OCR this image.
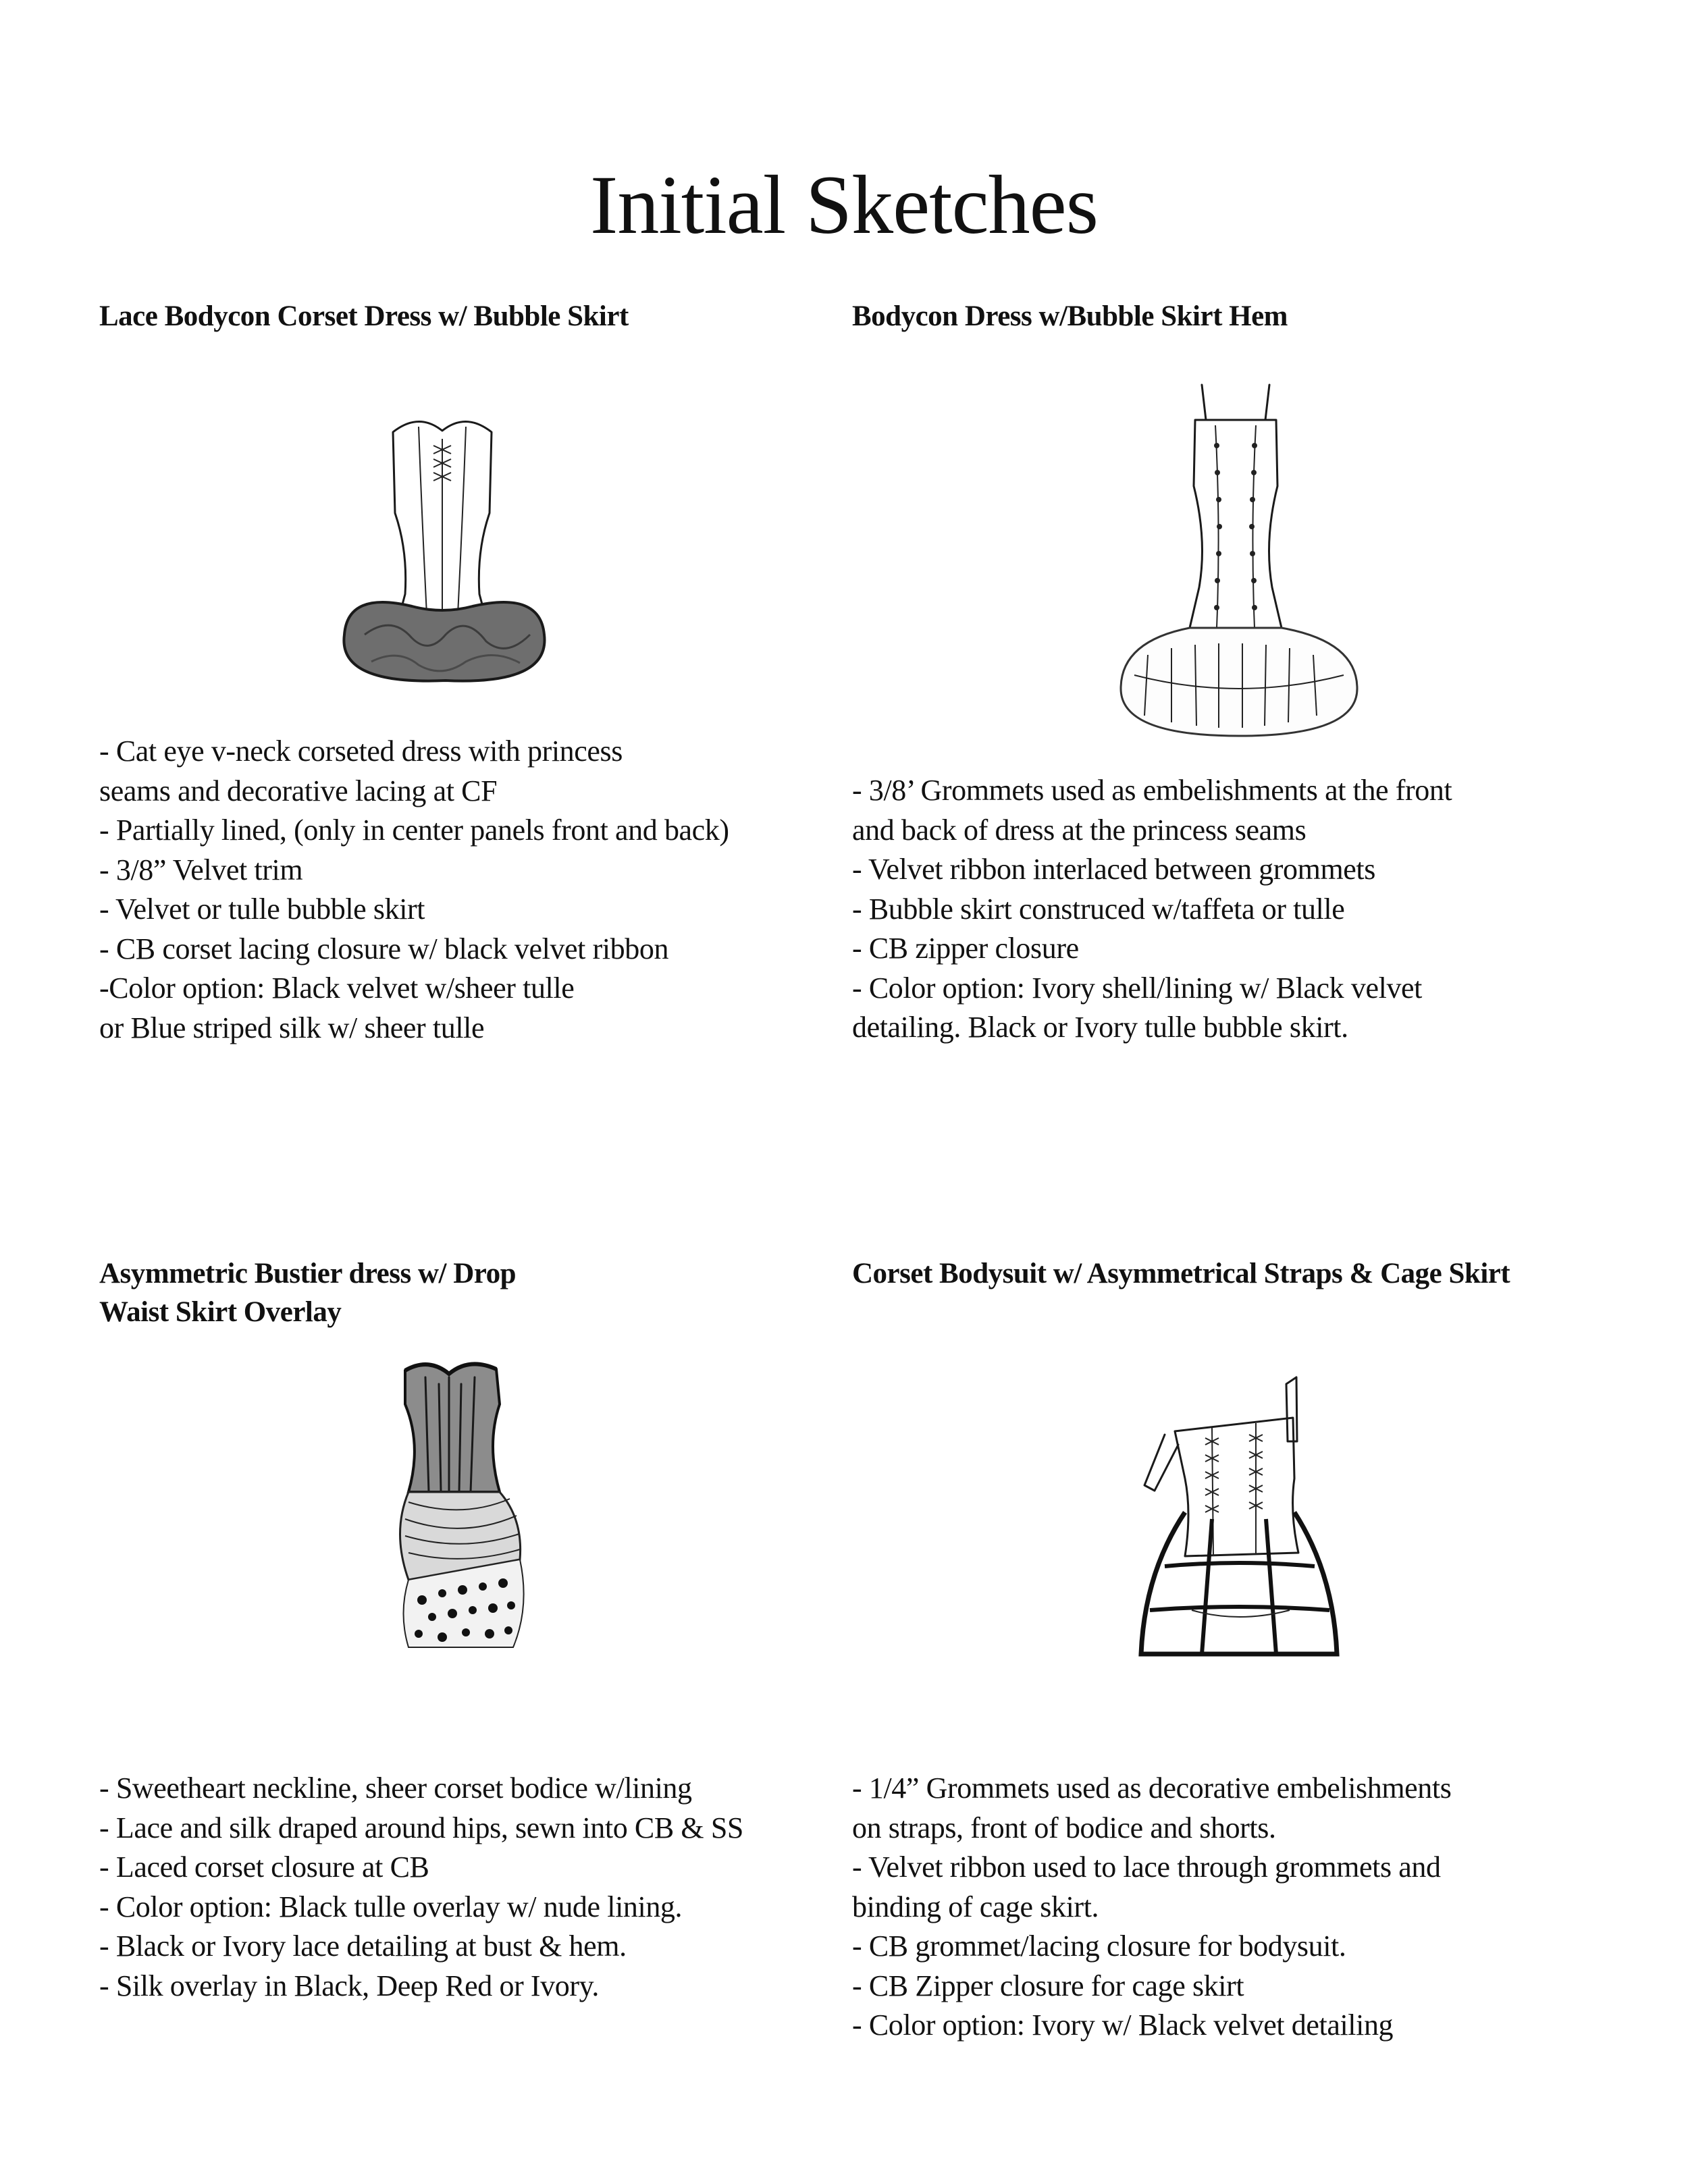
Initial Sketches
Lace Bodycon Corset Dress w/ Bubble Skirt
- Cat eye v-neck corseted dress with princess
seams and decorative lacing at CF
- Partially lined, (only in center panels front and back)
- 3/8” Velvet trim
- Velvet or tulle bubble skirt
- CB corset lacing closure w/ black velvet ribbon
-Color option: Black velvet w/sheer tulle
or Blue striped silk w/ sheer tulle
Bodycon Dress w/Bubble Skirt Hem
- 3/8’ Grommets used as embelishments at the front
and back of dress at the princess seams
- Velvet ribbon interlaced between grommets
- Bubble skirt construced w/taffeta or tulle
- CB zipper closure
- Color option: Ivory shell/lining w/ Black velvet
detailing. Black or Ivory tulle bubble skirt.
Asymmetric Bustier dress w/ Drop
Waist Skirt Overlay
- Sweetheart neckline, sheer corset bodice w/lining
- Lace and silk draped around hips, sewn into CB & SS
- Laced corset closure at CB
- Color option: Black tulle overlay w/ nude lining.
- Black or Ivory lace detailing at bust & hem.
- Silk overlay in Black, Deep Red or Ivory.
Corset Bodysuit w/ Asymmetrical Straps & Cage Skirt
- 1/4” Grommets used as decorative embelishments
on straps, front of bodice and shorts.
- Velvet ribbon used to lace through grommets and
binding of cage skirt.
- CB grommet/lacing closure for bodysuit.
- CB Zipper closure for cage skirt
- Color option: Ivory w/ Black velvet detailing
